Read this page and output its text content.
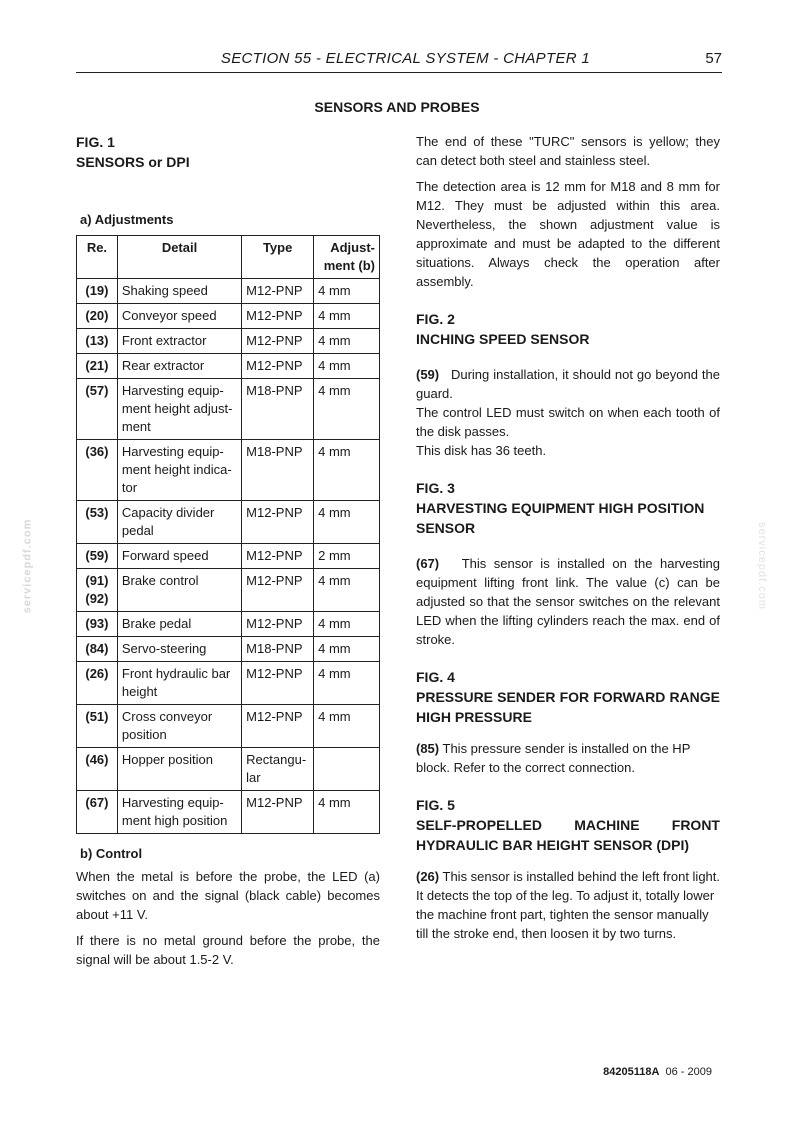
SECTION 55 - ELECTRICAL SYSTEM - CHAPTER 1	57
SENSORS AND PROBES
servicepdf.com	servicepdf.com
FIG. 1
SENSORS or DPI
a) Adjustments
Re.	Detail	Type	Adjust-ment (b)
(19)	Shaking speed	M12-PNP	4 mm
(20)	Conveyor speed	M12-PNP	4 mm
(13)	Front extractor	M12-PNP	4 mm
(21)	Rear extractor	M12-PNP	4 mm
(57)	Harvesting equip-ment height adjust-ment	M18-PNP	4 mm
(36)	Harvesting equip-ment height indica-tor	M18-PNP	4 mm
(53)	Capacity divider pedal	M12-PNP	4 mm
(59)	Forward speed	M12-PNP	2 mm
(91) (92)	Brake control	M12-PNP	4 mm
(93)	Brake pedal	M12-PNP	4 mm
(84)	Servo-steering	M18-PNP	4 mm
(26)	Front hydraulic bar height	M12-PNP	4 mm
(51)	Cross conveyor position	M12-PNP	4 mm
(46)	Hopper position	Rectangu-lar	
(67)	Harvesting equip-ment high position	M12-PNP	4 mm
b) Control

When the metal is before the probe, the LED (a) switches on and the signal (black cable) becomes about +11 V.

If there is no metal ground before the probe, the signal will be about 1.5-2 V.

The end of these "TURC" sensors is yellow; they can detect both steel and stainless steel.

The detection area is 12 mm for M18 and 8 mm for M12. They must be adjusted within this area. Nevertheless, the shown adjustment value is approximate and must be adapted to the different situations. Always check the operation after assembly.

FIG. 2
INCHING SPEED SENSOR

(59) During installation, it should not go beyond the guard.

The control LED must switch on when each tooth of the disk passes.

This disk has 36 teeth.

FIG. 3
HARVESTING EQUIPMENT HIGH POSITION SENSOR

(67) This sensor is installed on the harvesting equipment lifting front link. The value (c) can be adjusted so that the sensor switches on the relevant LED when the lifting cylinders reach the max. end of stroke.

FIG. 4
PRESSURE SENDER FOR FORWARD RANGE HIGH PRESSURE

(85) This pressure sender is installed on the HP block. Refer to the correct connection.

FIG. 5
SELF-PROPELLED MACHINE FRONT HYDRAULIC BAR HEIGHT SENSOR (DPI)

(26) This sensor is installed behind the left front light. It detects the top of the leg. To adjust it, totally lower the machine front part, tighten the sensor manually till the stroke end, then loosen it by two turns.

84205118A 06 - 2009
